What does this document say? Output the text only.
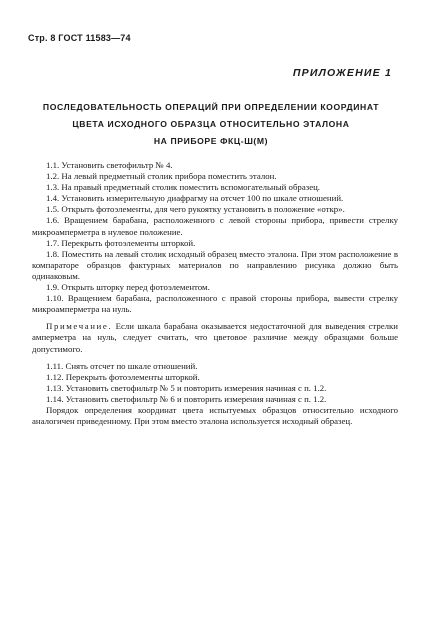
Стр. 8 ГОСТ 11583—74
ПРИЛОЖЕНИЕ 1
ПОСЛЕДОВАТЕЛЬНОСТЬ ОПЕРАЦИЙ ПРИ ОПРЕДЕЛЕНИИ КООРДИНАТ
ЦВЕТА ИСХОДНОГО ОБРАЗЦА ОТНОСИТЕЛЬНО ЭТАЛОНА
НА ПРИБОРЕ ФКЦ-Ш(М)

1.1. Установить светофильтр № 4.

1.2. На левый предметный столик прибора поместить эталон.

1.3. На правый предметный столик поместить вспомогательный образец.

1.4. Установить измерительную диафрагму на отсчет 100 по шкале отношений.

1.5. Открыть фотоэлементы, для чего рукоятку установить в положение «откр».

1.6. Вращением барабана, расположенного с левой стороны прибора, привести стрелку микроамперметра в нулевое положение.

1.7. Перекрыть фотоэлементы шторкой.

1.8. Поместить на левый столик исходный образец вместо эталона. При этом расположение в компараторе образцов фактурных материалов по направлению рисунка должно быть одинаковым.

1.9. Открыть шторку перед фотоэлементом.

1.10. Вращением барабана, расположенного с правой стороны прибора, вывести стрелку микроамперметра на нуль.

Примечание. Если шкала барабана оказывается недостаточной для выведения стрелки амперметра на нуль, следует считать, что цветовое различие между образцами больше допустимого.

1.11. Снять отсчет по шкале отношений.

1.12. Перекрыть фотоэлементы шторкой.

1.13. Установить светофильтр № 5 и повторить измерения начиная с п. 1.2.

1.14. Установить светофильтр № 6 и повторить измерения начиная с п. 1.2.

Порядок определения координат цвета испытуемых образцов относительно исходного аналогичен приведенному. При этом вместо эталона используется исходный образец.
